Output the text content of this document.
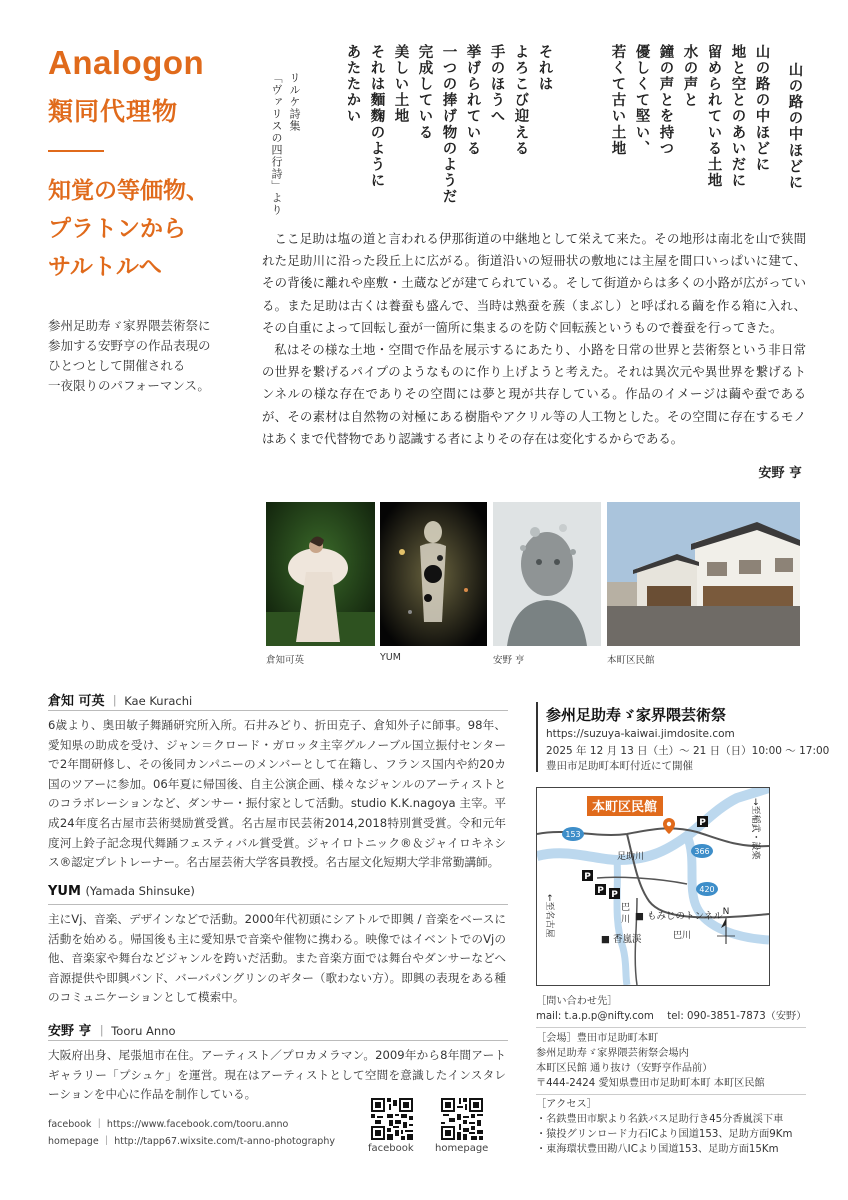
Analogon
類同代理物
知覚の等価物、
プラトンから
サルトルへ
参州足助寿ゞ家界隈芸術祭に
参加する安野亨の作品表現の
ひとつとして開催される
一夜限りのパフォーマンス。
山の路の中ほどに
山の路の中ほどに
地と空とのあいだに
留められている土地
水の声と
鐘の声とを持つ
優しくて堅い、
若くて古い土地
それは
よろこび迎える
手のほうへ
挙げられている
一つの捧げ物のようだ
完成している
美しい土地
それは麵麴のように
あたたかい
リルケ詩集
「ヴァリスの四行詩」より

ここ足助は塩の道と言われる伊那街道の中継地として栄えて来た。その地形は南北を山で狭間れた足助川に沿った段丘上に広がる。街道沿いの短冊状の敷地には主屋を間口いっぱいに建て、その背後に離れや座敷・土蔵などが建てられている。そして街道からは多くの小路が広がっている。また足助は古くは養蚕も盛んで、当時は熟蚕を蔟（まぶし）と呼ばれる繭を作る箱に入れ、その自重によって回転し蚕が一箇所に集まるのを防ぐ回転蔟というもので養蚕を行ってきた。

私はその様な土地・空間で作品を展示するにあたり、小路を日常の世界と芸術祭という非日常の世界を繋げるパイプのようなものに作り上げようと考えた。それは異次元や異世界を繋げるトンネルの様な存在でありその空間には夢と現が共存している。作品のイメージは繭や蚕であるが、その素材は自然物の対極にある樹脂やアクリル等の人工物とした。その空間に存在するモノはあくまで代替物であり認識する者によりその存在は変化するからである。

安野 亨
倉知可英	YUM	安野 亨	本町区民館
倉知 可英 ｜ Kae Kurachi
6歳より、奥田敏子舞踊研究所入所。石井みどり、折田克子、倉知外子に師事。98年、愛知県の助成を受け、ジャン＝クロード・ガロッタ主宰グルノーブル国立振付センターで2年間研修し、その後同カンパニーのメンバーとして在籍し、フランス国内や約20カ国のツアーに参加。06年夏に帰国後、自主公演企画、様々なジャンルのアーティストとのコラボレーションなど、ダンサー・振付家として活動。studio K.K.nagoya 主宰。平成24年度名古屋市芸術奨励賞受賞。名古屋市民芸術2014,2018特別賞受賞。令和元年度河上鈴子記念現代舞踊フェスティバル賞受賞。ジャイロトニック®＆ジャイロキネシス®認定プレトレーナー。名古屋芸術大学客員教授。名古屋文化短期大学非常勤講師。
YUM (Yamada Shinsuke)
主にVj、音楽、デザインなどで活動。2000年代初頭にシアトルで即興 / 音楽をベースに活動を始める。帰国後も主に愛知県で音楽や催物に携わる。映像ではイベントでのVjの他、音楽家や舞台などジャンルを跨いだ活動。また音楽方面では舞台やダンサーなどへ音源提供や即興バンド、バーバパングリンのギター（歌わない方）。即興の表現をある種のコミュニケーションとして模索中。
安野 亨 ｜ Tooru Anno
大阪府出身、尾張旭市在住。アーティスト／プロカメラマン。2009年から8年間アートギャラリー「プシュケ」を運営。現在はアーティストとして空間を意識したインスタレーションを中心に作品を制作している。
facebook ｜ https://www.facebook.com/tooru.anno
homepage ｜ http://tapp67.wixsite.com/t-anno-photography
facebook homepage
参州足助寿ゞ家界隈芸術祭
https://suzuya-kaiwai.jimdosite.com
2025 年 12 月 13 日（土）～ 21 日（日）10:00 ～ 17:00
豊田市足助町本町付近にて開催
本町区民館
153
366
420
P
P
P P
足助川
巴
川
巴川
■ もみじのトンネル
■ 香嵐渓
N
→至稲武・設楽
←至名古屋
［問い合わせ先］
mail: t.a.p.p@nifty.com　 tel: 090-3851-7873（安野）
［会場］豊田市足助町本町
参州足助寿ゞ家界隈芸術祭会場内
本町区民館 通り抜け（安野亨作品前）
〒444-2424 愛知県豊田市足助町本町 本町区民館
［アクセス］
・名鉄豊田市駅より名鉄バス足助行き45分香嵐渓下車
・猿投グリンロード力石ICより国道153、足助方面9Km
・東海環状豊田勘八ICより国道153、足助方面15Km
